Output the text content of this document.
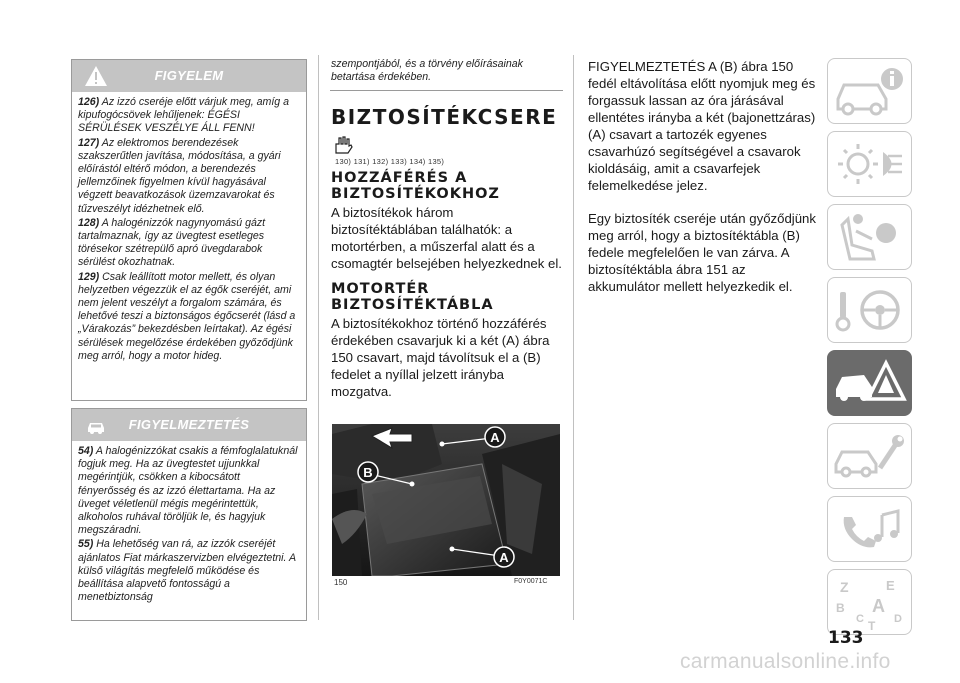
FIGYELEM

126) Az izzó cseréje előtt várjuk meg, amíg a kipufogócsövek lehűljenek: ÉGÉSI SÉRÜLÉSEK VESZÉLYE ÁLL FENN!

127) Az elektromos berendezések szakszerűtlen javítása, módosítása, a gyári előírástól eltérő módon, a berendezés jellemzőinek figyelmen kívül hagyásával végzett beavatkozások üzemzavarokat és tűzveszélyt idézhetnek elő.

128) A halogénizzók nagynyomású gázt tartalmaznak, így az üvegtest esetleges törésekor szétrepülő apró üvegdarabok sérülést okozhatnak.

129) Csak leállított motor mellett, és olyan helyzetben végezzük el az égők cseréjét, ami nem jelent veszélyt a forgalom számára, és lehetővé teszi a biztonságos égőcserét (lásd a „Várakozás” bekezdésben leírtakat). Az égési sérülések megelőzése érdekében győződjünk meg arról, hogy a motor hideg.

FIGYELMEZTETÉS

54) A halogénizzókat csakis a fémfoglalatuknál fogjuk meg. Ha az üvegtestet ujjunkkal megérintjük, csökken a kibocsátott fényerősség és az izzó élettartama. Ha az üveget véletlenül mégis megérintettük, alkoholos ruhával töröljük le, és hagyjuk megszáradni.

55) Ha lehetőség van rá, az izzók cseréjét ajánlatos Fiat márkaszervizben elvégeztetni. A külső világítás megfelelő működése és beállítása alapvető fontosságú a menetbiztonság

szempontjából, és a törvény előírásainak betartása érdekében.
BIZTOSÍTÉKCSERE
130) 131) 132) 133) 134) 135)
HOZZÁFÉRÉS A BIZTOSÍTÉKOKHOZ
A biztosítékok három biztosítéktáblában találhatók: a motortérben, a műszerfal alatt és a csomagtér belsejében helyezkednek el.
MOTORTÉR BIZTOSÍTÉKTÁBLA
A biztosítékokhoz történő hozzáférés érdekében csavarjuk ki a két (A) ábra 150 csavart, majd távolítsuk el a (B) fedelet a nyíllal jelzett irányba mozgatva.
A
B
A
150	F0Y0071C
FIGYELMEZTETÉS A (B) ábra 150 fedél eltávolítása előtt nyomjuk meg és forgassuk lassan az óra járásával ellentétes irányba a két (bajonettzáras) (A) csavart a tartozék egyenes csavarhúzó segítségével a csavarok kioldásáig, amit a csavarfejek felemelkedése jelez.
Egy biztosíték cseréje után győződjünk meg arról, hogy a biztosítéktábla (B) fedele megfelelően le van zárva. A biztosítéktábla ábra 151 az akkumulátor mellett helyezkedik el.
Z	E
B A
C T D
133
carmanualsonline.info
